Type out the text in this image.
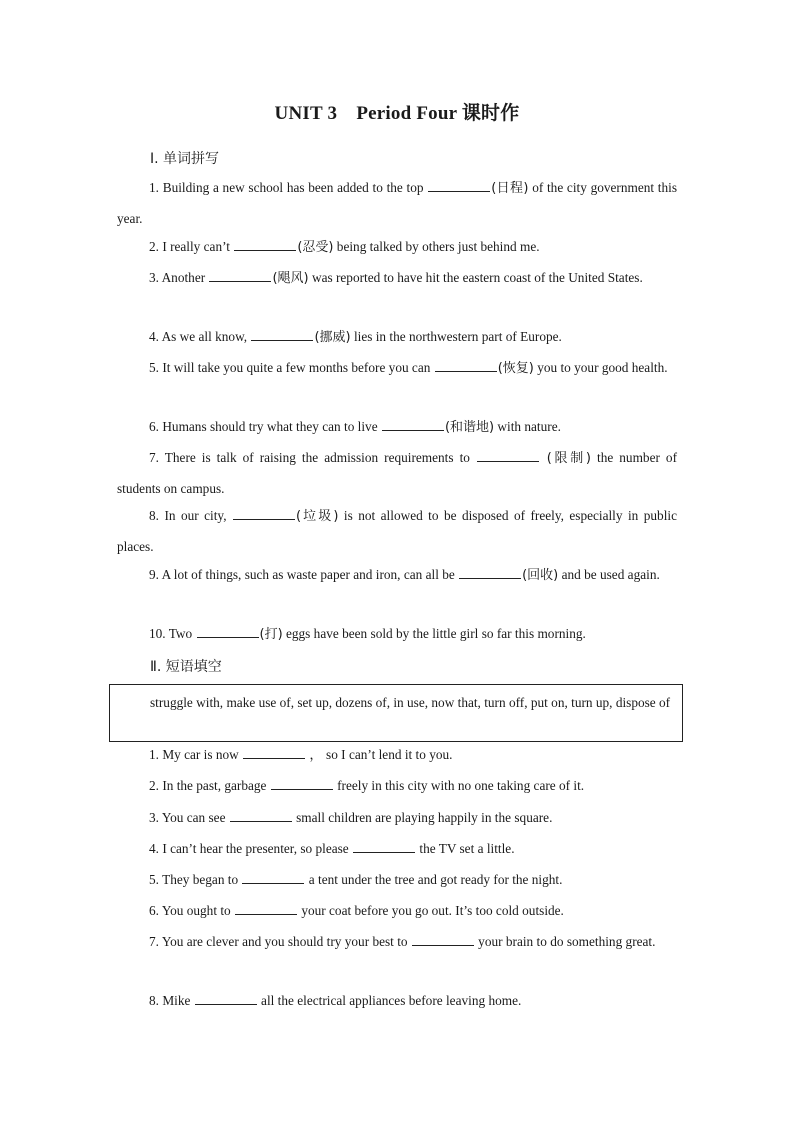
UNIT 3　Period Four 课时作
Ⅰ. 单词拼写
1. Building a new school has been added to the top	(日程) of the city government this year.
2. I really can’t	(忍受) being talked by others just behind me.
3. Another	(飓风) was reported to have hit the eastern coast of the United States.
4. As we all know,	(挪威) lies in the northwestern part of Europe.
5. It will take you quite a few months before you can	(恢复) you to your good health.
6. Humans should try what they can to live	(和谐地) with nature.
7. There is talk of raising the admission requirements to	(限制) the number of students on campus.
8. In our city,	(垃圾) is not allowed to be disposed of freely, especially in public places.
9. A lot of things, such as waste paper and iron, can all be	(回收) and be used again.
10. Two	(打) eggs have been sold by the little girl so far this morning.
Ⅱ. 短语填空
struggle with, make use of, set up, dozens of, in use, now that, turn off, put on, turn up, dispose of
1. My car is now	， so I can’t lend it to you.
2. In the past, garbage	freely in this city with no one taking care of it.
3. You can see	small children are playing happily in the square.
4. I can’t hear the presenter, so please	the TV set a little.
5. They began to	a tent under the tree and got ready for the night.
6. You ought to	your coat before you go out. It’s too cold outside.
7. You are clever and you should try your best to	your brain to do something great.
8. Mike	all the electrical appliances before leaving home.
